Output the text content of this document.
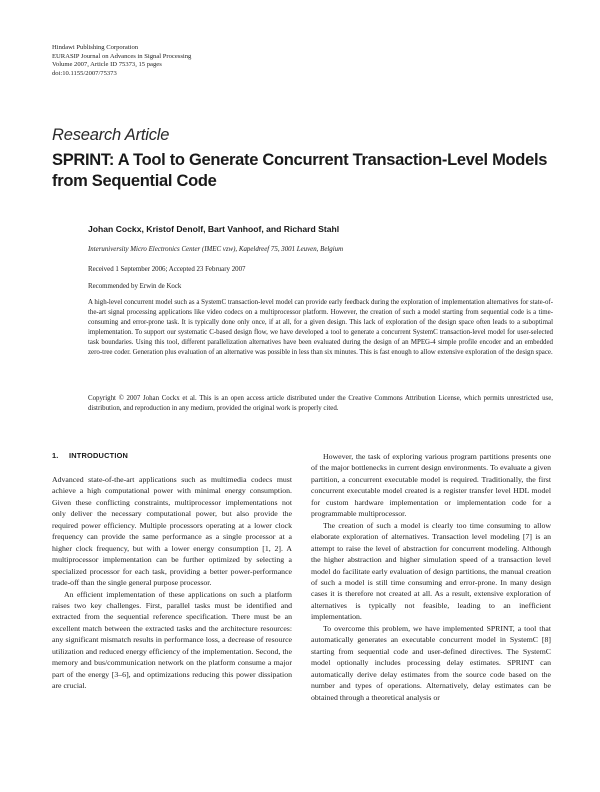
Hindawi Publishing Corporation
EURASIP Journal on Advances in Signal Processing
Volume 2007, Article ID 75373, 15 pages
doi:10.1155/2007/75373
Research Article
SPRINT: A Tool to Generate Concurrent Transaction-Level Models from Sequential Code
Johan Cockx, Kristof Denolf, Bart Vanhoof, and Richard Stahl
Interuniversity Micro Electronics Center (IMEC vzw), Kapeldreef 75, 3001 Leuven, Belgium
Received 1 September 2006; Accepted 23 February 2007
Recommended by Erwin de Kock
A high-level concurrent model such as a SystemC transaction-level model can provide early feedback during the exploration of implementation alternatives for state-of-the-art signal processing applications like video codecs on a multiprocessor platform. However, the creation of such a model starting from sequential code is a time-consuming and error-prone task. It is typically done only once, if at all, for a given design. This lack of exploration of the design space often leads to a suboptimal implementation. To support our systematic C-based design flow, we have developed a tool to generate a concurrent SystemC transaction-level model for user-selected task boundaries. Using this tool, different parallelization alternatives have been evaluated during the design of an MPEG-4 simple profile encoder and an embedded zero-tree coder. Generation plus evaluation of an alternative was possible in less than six minutes. This is fast enough to allow extensive exploration of the design space.
Copyright © 2007 Johan Cockx et al. This is an open access article distributed under the Creative Commons Attribution License, which permits unrestricted use, distribution, and reproduction in any medium, provided the original work is properly cited.
1. INTRODUCTION

Advanced state-of-the-art applications such as multimedia codecs must achieve a high computational power with minimal energy consumption. Given these conflicting constraints, multiprocessor implementations not only deliver the necessary computational power, but also provide the required power efficiency. Multiple processors operating at a lower clock frequency can provide the same performance as a single processor at a higher clock frequency, but with a lower energy consumption [1, 2]. A multiprocessor implementation can be further optimized by selecting a specialized processor for each task, providing a better power-performance trade-off than the single general purpose processor.

An efficient implementation of these applications on such a platform raises two key challenges. First, parallel tasks must be identified and extracted from the sequential reference specification. There must be an excellent match between the extracted tasks and the architecture resources: any significant mismatch results in performance loss, a decrease of resource utilization and reduced energy efficiency of the implementation. Second, the memory and bus/communication network on the platform consume a major part of the energy [3–6], and optimizations reducing this power dissipation are crucial.

However, the task of exploring various program partitions presents one of the major bottlenecks in current design environments. To evaluate a given partition, a concurrent executable model is required. Traditionally, the first concurrent executable model created is a register transfer level HDL model for custom hardware implementation or implementation code for a programmable multiprocessor.

The creation of such a model is clearly too time consuming to allow elaborate exploration of alternatives. Transaction level modeling [7] is an attempt to raise the level of abstraction for concurrent modeling. Although the higher abstraction and higher simulation speed of a transaction level model do facilitate early evaluation of design partitions, the manual creation of such a model is still time consuming and error-prone. In many design cases it is therefore not created at all. As a result, extensive exploration of alternatives is typically not feasible, leading to an inefficient implementation.

To overcome this problem, we have implemented SPRINT, a tool that automatically generates an executable concurrent model in SystemC [8] starting from sequential code and user-defined directives. The SystemC model optionally includes processing delay estimates. SPRINT can automatically derive delay estimates from the source code based on the number and types of operations. Alternatively, delay estimates can be obtained through a theoretical analysis or
